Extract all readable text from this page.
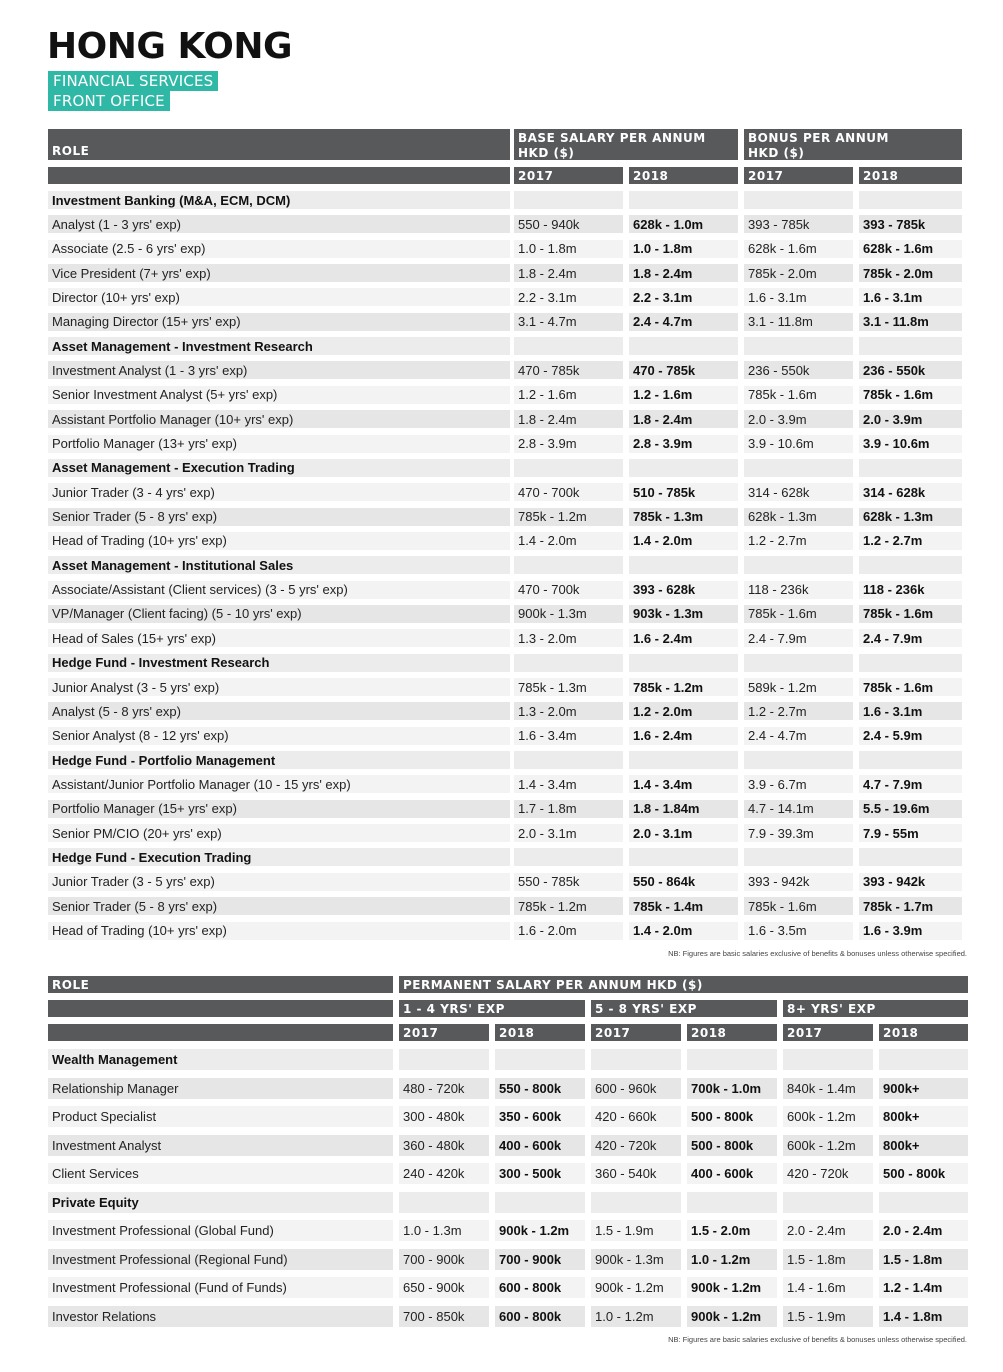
HONG KONG
FINANCIAL SERVICES
FRONT OFFICE
ROLE
BASE SALARY PER ANNUM HKD ($)
BONUS PER ANNUM HKD ($)
2017	2018	2017	2018
Investment Banking (M&A, ECM, DCM)
Analyst (1 - 3 yrs' exp)	550 - 940k	628k - 1.0m	393 - 785k	393 - 785k
Associate (2.5 - 6 yrs' exp)	1.0 - 1.8m	1.0 - 1.8m	628k - 1.6m	628k - 1.6m
Vice President (7+ yrs' exp)	1.8 - 2.4m	1.8 - 2.4m	785k - 2.0m	785k - 2.0m
Director (10+ yrs' exp)	2.2 - 3.1m	2.2 - 3.1m	1.6 - 3.1m	1.6 - 3.1m
Managing Director (15+ yrs' exp)	3.1 - 4.7m	2.4 - 4.7m	3.1 - 11.8m	3.1 - 11.8m
Asset Management - Investment Research
Investment Analyst (1 - 3 yrs' exp)	470 - 785k	470 - 785k	236 - 550k	236 - 550k
Senior Investment Analyst (5+ yrs' exp)	1.2 - 1.6m	1.2 - 1.6m	785k - 1.6m	785k - 1.6m
Assistant Portfolio Manager (10+ yrs' exp)	1.8 - 2.4m	1.8 - 2.4m	2.0 - 3.9m	2.0 - 3.9m
Portfolio Manager (13+ yrs' exp)	2.8 - 3.9m	2.8 - 3.9m	3.9 - 10.6m	3.9 - 10.6m
Asset Management - Execution Trading
Junior Trader (3 - 4 yrs' exp)	470 - 700k	510 - 785k	314 - 628k	314 - 628k
Senior Trader (5 - 8 yrs' exp)	785k - 1.2m	785k - 1.3m	628k - 1.3m	628k - 1.3m
Head of Trading (10+ yrs' exp)	1.4 - 2.0m	1.4 - 2.0m	1.2 - 2.7m	1.2 - 2.7m
Asset Management - Institutional Sales
Associate/Assistant (Client services) (3 - 5 yrs' exp)	470 - 700k	393 - 628k	118 - 236k	118 - 236k
VP/Manager (Client facing) (5 - 10 yrs' exp)	900k - 1.3m	903k - 1.3m	785k - 1.6m	785k - 1.6m
Head of Sales (15+ yrs' exp)	1.3 - 2.0m	1.6 - 2.4m	2.4 - 7.9m	2.4 - 7.9m
Hedge Fund - Investment Research
Junior Analyst (3 - 5 yrs' exp)	785k - 1.3m	785k - 1.2m	589k - 1.2m	785k - 1.6m
Analyst (5 - 8 yrs' exp)	1.3 - 2.0m	1.2 - 2.0m	1.2 - 2.7m	1.6 - 3.1m
Senior Analyst (8 - 12 yrs' exp)	1.6 - 3.4m	1.6 - 2.4m	2.4 - 4.7m	2.4 - 5.9m
Hedge Fund - Portfolio Management
Assistant/Junior Portfolio Manager (10 - 15 yrs' exp)	1.4 - 3.4m	1.4 - 3.4m	3.9 - 6.7m	4.7 - 7.9m
Portfolio Manager (15+ yrs' exp)	1.7 - 1.8m	1.8 - 1.84m	4.7 - 14.1m	5.5 - 19.6m
Senior PM/CIO (20+ yrs' exp)	2.0 - 3.1m	2.0 - 3.1m	7.9 - 39.3m	7.9 - 55m
Hedge Fund - Execution Trading
Junior Trader (3 - 5 yrs' exp)	550 - 785k	550 - 864k	393 - 942k	393 - 942k
Senior Trader (5 - 8 yrs' exp)	785k - 1.2m	785k - 1.4m	785k - 1.6m	785k - 1.7m
Head of Trading (10+ yrs' exp)	1.6 - 2.0m	1.4 - 2.0m	1.6 - 3.5m	1.6 - 3.9m
NB: Figures are basic salaries exclusive of benefits & bonuses unless otherwise specified.
ROLE	PERMANENT SALARY PER ANNUM HKD ($)
1 - 4 YRS' EXP	5 - 8 YRS' EXP	8+ YRS' EXP
2017	2018	2017	2018	2017	2018
Wealth Management
Relationship Manager	480 - 720k	550 - 800k	600 - 960k	700k - 1.0m	840k - 1.4m	900k+
Product Specialist	300 - 480k	350 - 600k	420 - 660k	500 - 800k	600k - 1.2m	800k+
Investment Analyst	360 - 480k	400 - 600k	420 - 720k	500 - 800k	600k - 1.2m	800k+
Client Services	240 - 420k	300 - 500k	360 - 540k	400 - 600k	420 - 720k	500 - 800k
Private Equity
Investment Professional (Global Fund)	1.0 - 1.3m	900k - 1.2m	1.5 - 1.9m	1.5 - 2.0m	2.0 - 2.4m	2.0 - 2.4m
Investment Professional (Regional Fund)	700 - 900k	700 - 900k	900k - 1.3m	1.0 - 1.2m	1.5 - 1.8m	1.5 - 1.8m
Investment Professional (Fund of Funds)	650 - 900k	600 - 800k	900k - 1.2m	900k - 1.2m	1.4 - 1.6m	1.2 - 1.4m
Investor Relations	700 - 850k	600 - 800k	1.0 - 1.2m	900k - 1.2m	1.5 - 1.9m	1.4 - 1.8m
NB: Figures are basic salaries exclusive of benefits & bonuses unless otherwise specified.
